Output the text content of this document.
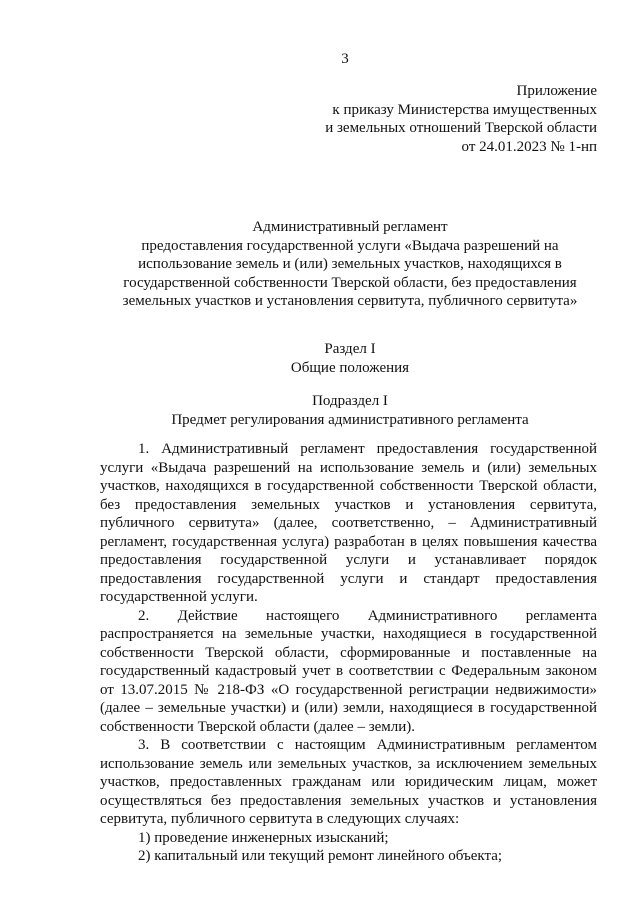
3
Приложение
к приказу Министерства имущественных
и земельных отношений Тверской области
от 24.01.2023 № 1-нп
Административный регламент
предоставления государственной услуги «Выдача разрешений на
использование земель и (или) земельных участков, находящихся в
государственной собственности Тверской области, без предоставления
земельных участков и установления сервитута, публичного сервитута»
Раздел I
Общие положения
Подраздел I
Предмет регулирования административного регламента

1. Административный регламент предоставления государственной услуги «Выдача разрешений на использование земель и (или) земельных участков, находящихся в государственной собственности Тверской области, без предоставления земельных участков и установления сервитута, публичного сервитута» (далее, соответственно, – Административный регламент, государственная услуга) разработан в целях повышения качества предоставления государственной услуги и устанавливает порядок предоставления государственной услуги и стандарт предоставления государственной услуги.

2. Действие настоящего Административного регламента распространяется на земельные участки, находящиеся в государственной собственности Тверской области, сформированные и поставленные на государственный кадастровый учет в соответствии с Федеральным законом от 13.07.2015 № 218-ФЗ «О государственной регистрации недвижимости» (далее – земельные участки) и (или) земли, находящиеся в государственной собственности Тверской области (далее – земли).

3. В соответствии с настоящим Административным регламентом использование земель или земельных участков, за исключением земельных участков, предоставленных гражданам или юридическим лицам, может осуществляться без предоставления земельных участков и установления сервитута, публичного сервитута в следующих случаях:

1) проведение инженерных изысканий;

2) капитальный или текущий ремонт линейного объекта;
